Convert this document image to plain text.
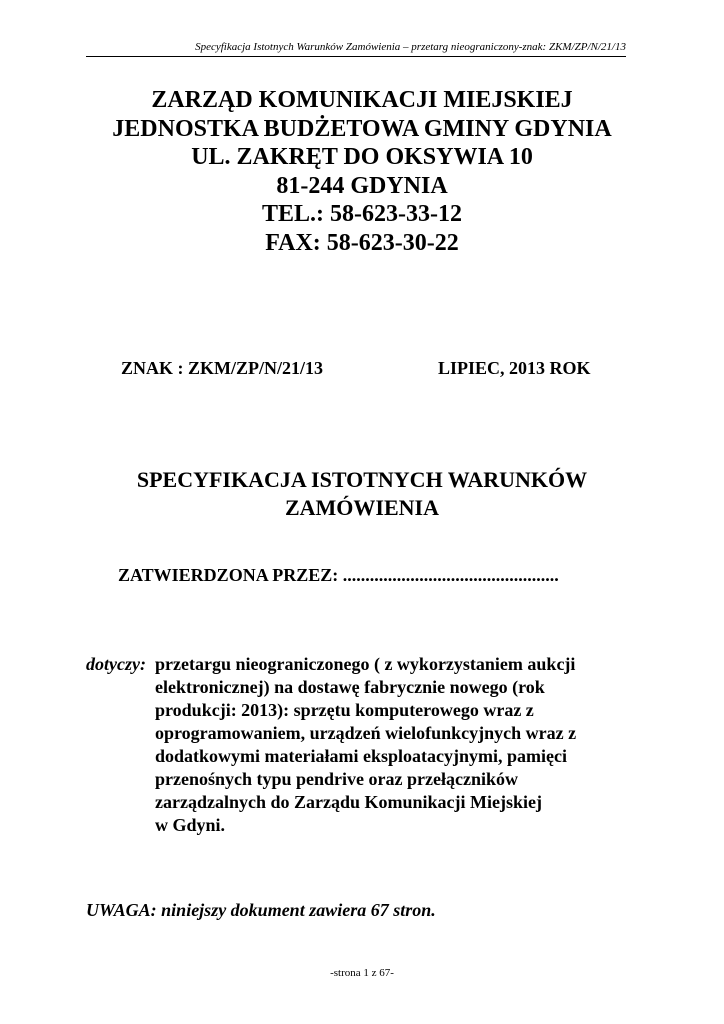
Specyfikacja Istotnych Warunków Zamówienia – przetarg nieograniczony-znak: ZKM/ZP/N/21/13
ZARZĄD KOMUNIKACJI MIEJSKIEJ
JEDNOSTKA BUDŻETOWA GMINY GDYNIA
UL. ZAKRĘT DO OKSYWIA 10
81-244 GDYNIA
TEL.: 58-623-33-12
FAX: 58-623-30-22
ZNAK : ZKM/ZP/N/21/13	LIPIEC, 2013 ROK
SPECYFIKACJA ISTOTNYCH WARUNKÓW
ZAMÓWIENIA
ZATWIERDZONA PRZEZ: ................................................
dotyczy: przetargu nieograniczonego ( z wykorzystaniem aukcji
elektronicznej) na dostawę fabrycznie nowego (rok
produkcji: 2013): sprzętu komputerowego wraz z
oprogramowaniem, urządzeń wielofunkcyjnych wraz z
dodatkowymi materiałami eksploatacyjnymi, pamięci
przenośnych typu pendrive oraz przełączników
zarządzalnych do Zarządu Komunikacji Miejskiej
w Gdyni.
UWAGA: niniejszy dokument zawiera 67 stron.
-strona 1 z 67-
